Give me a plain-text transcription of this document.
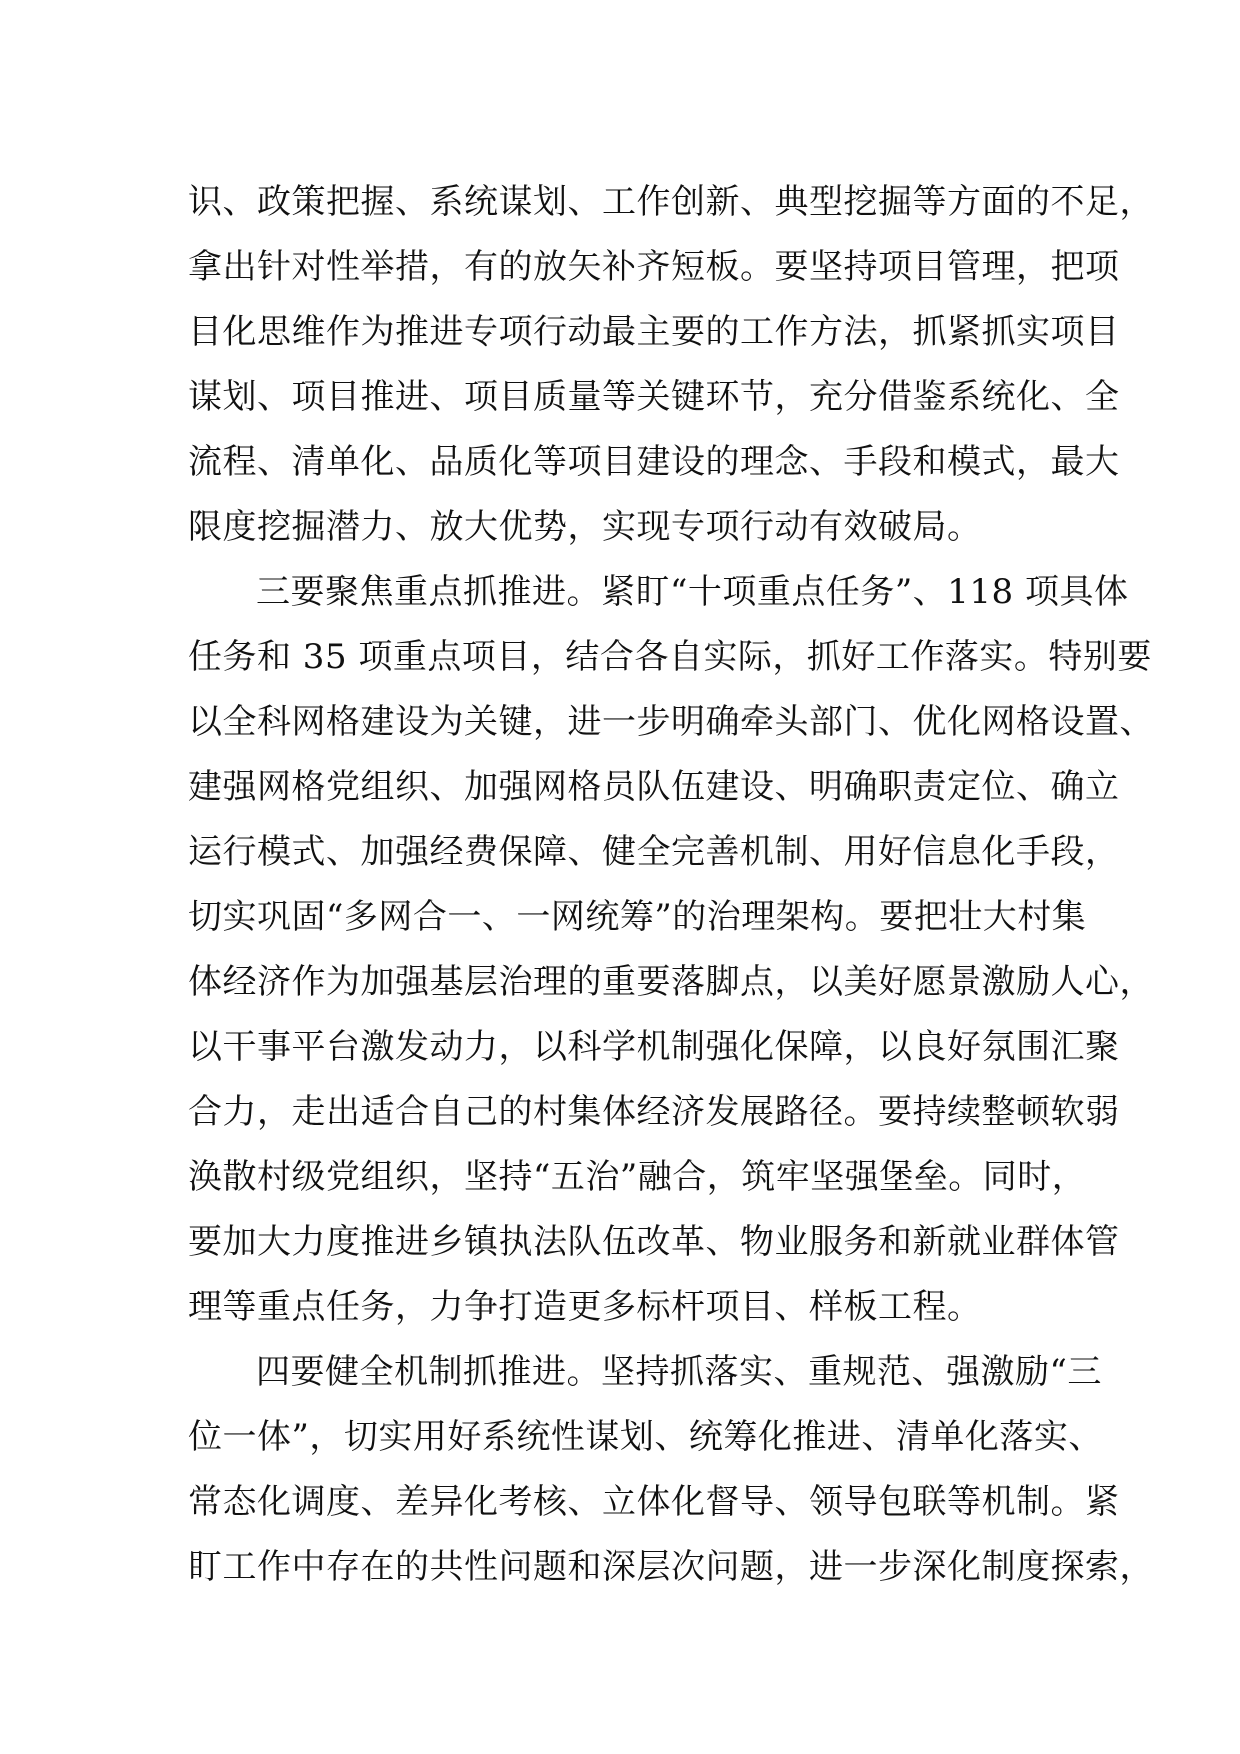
识、政策把握、系统谋划、工作创新、典型挖掘等方面的不足，
拿出针对性举措，有的放矢补齐短板。要坚持项目管理，把项
目化思维作为推进专项行动最主要的工作方法，抓紧抓实项目
谋划、项目推进、项目质量等关键环节，充分借鉴系统化、全
流程、清单化、品质化等项目建设的理念、手段和模式，最大
限度挖掘潜力、放大优势，实现专项行动有效破局。
三要聚焦重点抓推进。紧盯“十项重点任务”、118 项具体
任务和 35 项重点项目，结合各自实际，抓好工作落实。特别要
以全科网格建设为关键，进一步明确牵头部门、优化网格设置、
建强网格党组织、加强网格员队伍建设、明确职责定位、确立
运行模式、加强经费保障、健全完善机制、用好信息化手段，
切实巩固“多网合一、一网统筹”的治理架构。要把壮大村集
体经济作为加强基层治理的重要落脚点，以美好愿景激励人心，
以干事平台激发动力，以科学机制强化保障，以良好氛围汇聚
合力，走出适合自己的村集体经济发展路径。要持续整顿软弱
涣散村级党组织，坚持“五治”融合，筑牢坚强堡垒。同时，
要加大力度推进乡镇执法队伍改革、物业服务和新就业群体管
理等重点任务，力争打造更多标杆项目、样板工程。
四要健全机制抓推进。坚持抓落实、重规范、强激励“三
位一体”，切实用好系统性谋划、统筹化推进、清单化落实、
常态化调度、差异化考核、立体化督导、领导包联等机制。紧
盯工作中存在的共性问题和深层次问题，进一步深化制度探索，
